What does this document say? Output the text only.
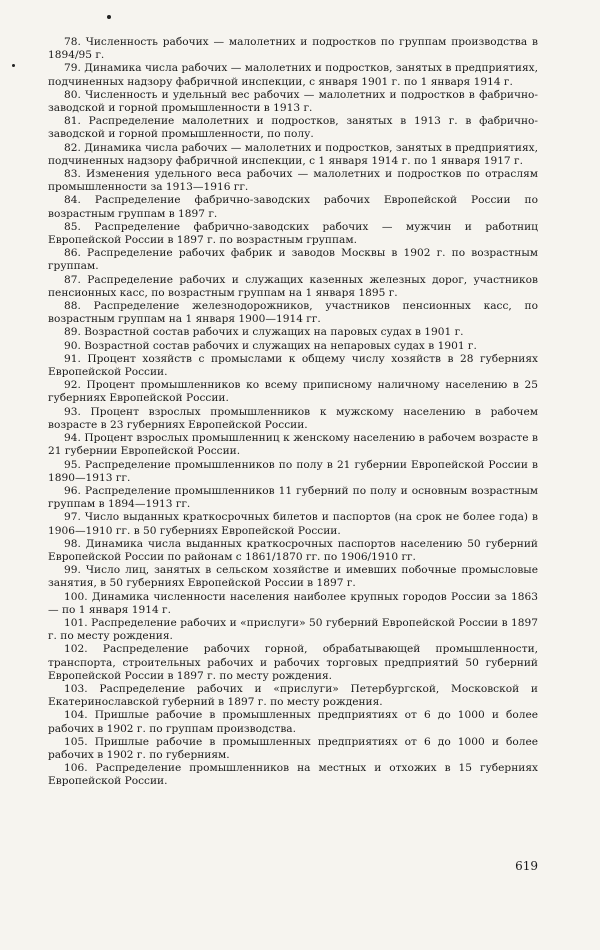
78. Численность рабочих — малолетних и подростков по группам производства в 1894/95 г.

79. Динамика числа рабочих — малолетних и подростков, занятых в предприятиях, подчиненных надзору фабричной инспекции, с января 1901 г. по 1 января 1914 г.

80. Численность и удельный вес рабочих — малолетних и подростков в фабрично-заводской и горной промышленности в 1913 г.

81. Распределение малолетних и подростков, занятых в 1913 г. в фабрично-заводской и горной промышленности, по полу.

82. Динамика числа рабочих — малолетних и подростков, занятых в предприятиях, подчиненных надзору фабричной инспекции, с 1 января 1914 г. по 1 января 1917 г.

83. Изменения удельного веса рабочих — малолетних и подростков по отраслям промышленности за 1913—1916 гг.

84. Распределение фабрично-заводских рабочих Европейской России по возрастным группам в 1897 г.

85. Распределение фабрично-заводских рабочих — мужчин и работниц Европейской России в 1897 г. по возрастным группам.

86. Распределение рабочих фабрик и заводов Москвы в 1902 г. по возрастным группам.

87. Распределение рабочих и служащих казенных железных дорог, участников пенсионных касс, по возрастным группам на 1 января 1895 г.

88. Распределение железнодорожников, участников пенсионных касс, по возрастным группам на 1 января 1900—1914 гг.

89. Возрастной состав рабочих и служащих на паровых судах в 1901 г.

90. Возрастной состав рабочих и служащих на непаровых судах в 1901 г.

91. Процент хозяйств с промыслами к общему числу хозяйств в 28 губерниях Европейской России.

92. Процент промышленников ко всему приписному наличному населению в 25 губерниях Европейской России.

93. Процент взрослых промышленников к мужскому населению в рабочем возрасте в 23 губерниях Европейской России.

94. Процент взрослых промышленниц к женскому населению в рабочем возрасте в 21 губернии Европейской России.

95. Распределение промышленников по полу в 21 губернии Европейской России в 1890—1913 гг.

96. Распределение промышленников 11 губерний по полу и основным возрастным группам в 1894—1913 гг.

97. Число выданных краткосрочных билетов и паспортов (на срок не более года) в 1906—1910 гг. в 50 губерниях Европейской России.

98. Динамика числа выданных краткосрочных паспортов населению 50 губерний Европейской России по районам с 1861/1870 гг. по 1906/1910 гг.

99. Число лиц, занятых в сельском хозяйстве и имевших побочные промысловые занятия, в 50 губерниях Европейской России в 1897 г.

100. Динамика численности населения наиболее крупных городов России за 1863 — по 1 января 1914 г.

101. Распределение рабочих и «прислуги» 50 губерний Европейской России в 1897 г. по месту рождения.

102. Распределение рабочих горной, обрабатывающей промышленности, транспорта, строительных рабочих и рабочих торговых предприятий 50 губерний Европейской России в 1897 г. по месту рождения.

103. Распределение рабочих и «прислуги» Петербургской, Московской и Екатеринославской губерний в 1897 г. по месту рождения.

104. Пришлые рабочие в промышленных предприятиях от 6 до 1000 и более рабочих в 1902 г. по группам производства.

105. Пришлые рабочие в промышленных предприятиях от 6 до 1000 и более рабочих в 1902 г. по губерниям.

106. Распределение промышленников на местных и отхожих в 15 губерниях Европейской России.

619
